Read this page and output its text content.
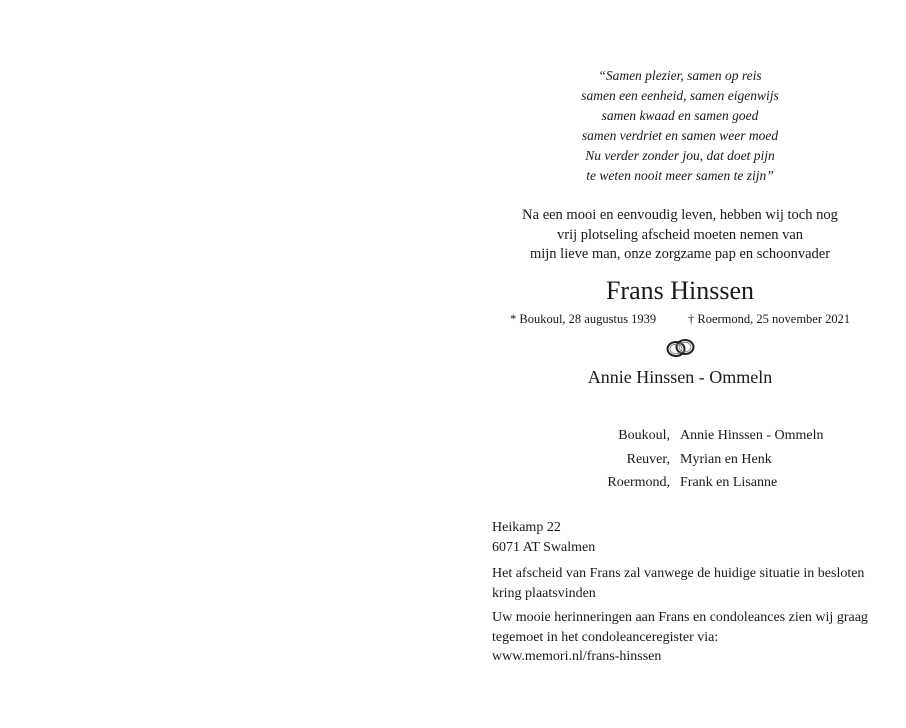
“Samen plezier, samen op reis
samen een eenheid, samen eigenwijs
samen kwaad en samen goed
samen verdriet en samen weer moed
Nu verder zonder jou, dat doet pijn
te weten nooit meer samen te zijn”
Na een mooi en eenvoudig leven, hebben wij toch nog
vrij plotseling afscheid moeten nemen van
mijn lieve man, onze zorgzame pap en schoonvader
Frans Hinssen
* Boukoul, 28 augustus 1939	† Roermond, 25 november 2021
Annie Hinssen - Ommeln
Boukoul, Annie Hinssen - Ommeln
Reuver, Myrian en Henk
Roermond, Frank en Lisanne
Heikamp 22
6071 AT Swalmen

Het afscheid van Frans zal vanwege de huidige situatie in besloten kring plaatsvinden

Uw mooie herinneringen aan Frans en condoleances zien wij graag tegemoet in het condoleanceregister via:

www.memori.nl/frans-hinssen
